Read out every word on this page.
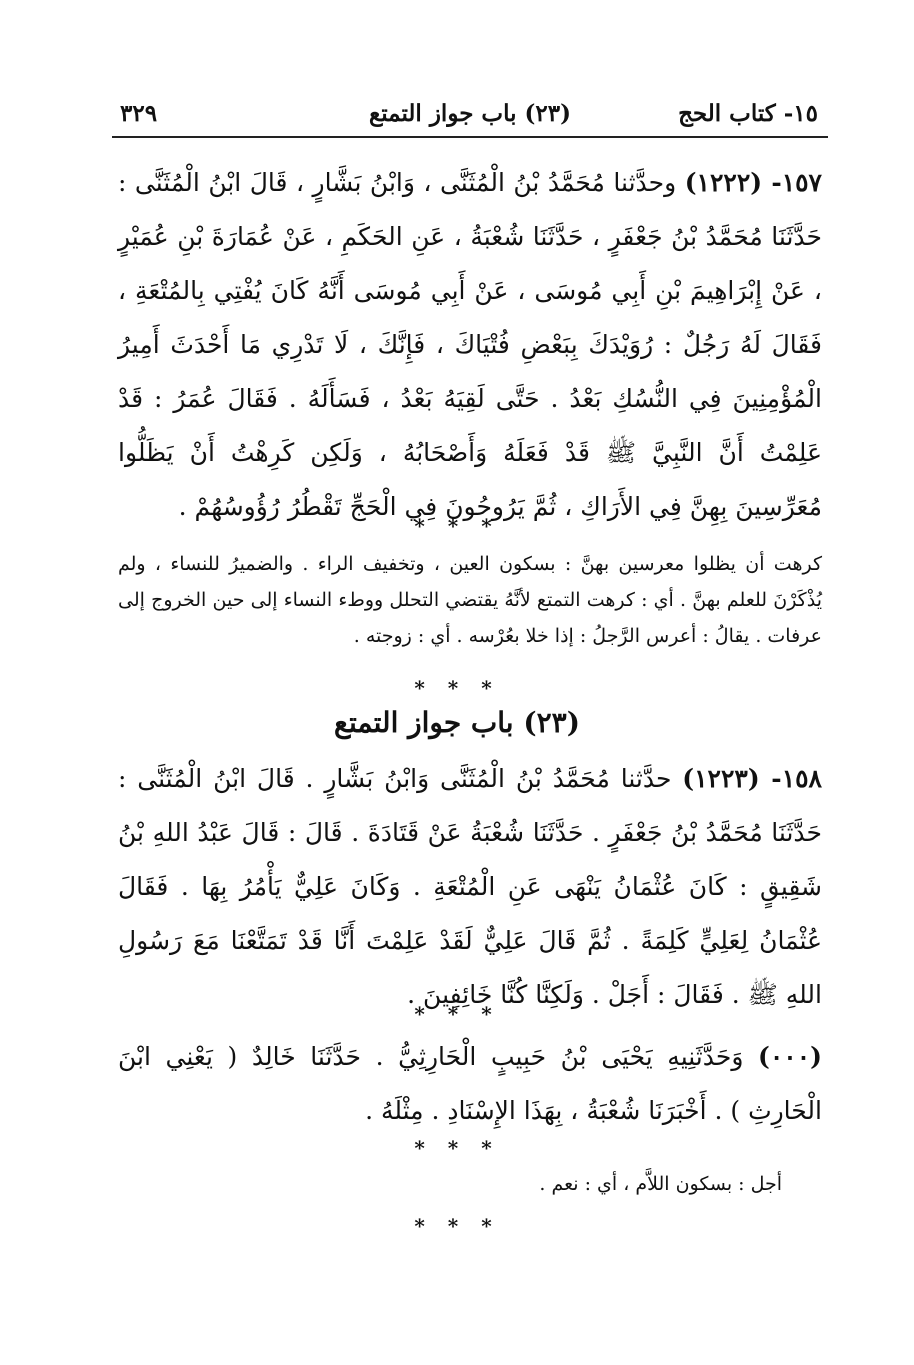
١٥- كتاب الحج
(٢٣) باب جواز التمتع
٣٢٩

١٥٧- (١٢٢٢) وحدَّثنا مُحَمَّدُ بْنُ الْمُثَنَّى ، وَابْنُ بَشَّارٍ ، قَالَ ابْنُ الْمُثَنَّى : حَدَّثَنَا مُحَمَّدُ بْنُ جَعْفَرٍ ، حَدَّثَنَا شُعْبَةُ ، عَنِ الحَكَمِ ، عَنْ عُمَارَةَ بْنِ عُمَيْرٍ ، عَنْ إِبْرَاهِيمَ بْنِ أَبِي مُوسَى ، عَنْ أَبِي مُوسَى أَنَّهُ كَانَ يُفْتِي بِالمُتْعَةِ ، فَقَالَ لَهُ رَجُلٌ : رُوَيْدَكَ بِبَعْضِ فُتْيَاكَ ، فَإِنَّكَ ، لَا تَدْرِي مَا أَحْدَثَ أَمِيرُ الْمُؤْمِنِينَ فِي النُّسُكِ بَعْدُ . حَتَّى لَقِيَهُ بَعْدُ ، فَسَأَلَهُ . فَقَالَ عُمَرُ : قَدْ عَلِمْتُ أَنَّ النَّبِيَّ ﷺ قَدْ فَعَلَهُ وَأَصْحَابُهُ ، وَلَكِن كَرِهْتُ أَنْ يَظَلُّوا مُعَرِّسِينَ بِهِنَّ فِي الأَرَاكِ ، ثُمَّ يَرُوحُونَ فِي الْحَجِّ تَقْطُرُ رُؤُوسُهُمْ .

* * *

كرهت أن يظلوا معرسين بهنَّ : بسكون العين ، وتخفيف الراء . والضميرُ للنساء ، ولم يُذْكَرْنَ للعلم بهنَّ . أي : كرهت التمتع لأنَّهُ يقتضي التحلل ووطء النساء إلى حين الخروج إلى عرفات . يقالُ : أعرس الرَّجلُ : إذا خلا بعُرْسه . أي : زوجته .

* * *
(٢٣) باب جواز التمتع

١٥٨- (١٢٢٣) حدَّثنا مُحَمَّدُ بْنُ الْمُثَنَّى وَابْنُ بَشَّارٍ . قَالَ ابْنُ الْمُثَنَّى : حَدَّثَنَا مُحَمَّدُ بْنُ جَعْفَرٍ . حَدَّثَنَا شُعْبَةُ عَنْ قَتَادَةَ . قَالَ : قَالَ عَبْدُ اللهِ بْنُ شَقِيقٍ : كَانَ عُثْمَانُ يَنْهَى عَنِ الْمُتْعَةِ . وَكَانَ عَلِيٌّ يَأْمُرُ بِهَا . فَقَالَ عُثْمَانُ لِعَلِيٍّ كَلِمَةً . ثُمَّ قَالَ عَلِيٌّ لَقَدْ عَلِمْتَ أَنَّا قَدْ تَمَتَّعْنَا مَعَ رَسُولِ اللهِ ﷺ . فَقَالَ : أَجَلْ . وَلَكِنَّا كُنَّا خَائِفِينَ .

* * *

(٠٠٠) وَحَدَّثَنِيهِ يَحْيَى بْنُ حَبِيبٍ الْحَارِثِيُّ . حَدَّثَنَا خَالِدٌ ( يَعْنِي ابْنَ الْحَارِثِ ) . أَخْبَرَنَا شُعْبَةُ ، بِهَذَا الإِسْنَادِ . مِثْلَهُ .

* * *

أجل : بسكون اللاَّم ، أي : نعم .

* * *
